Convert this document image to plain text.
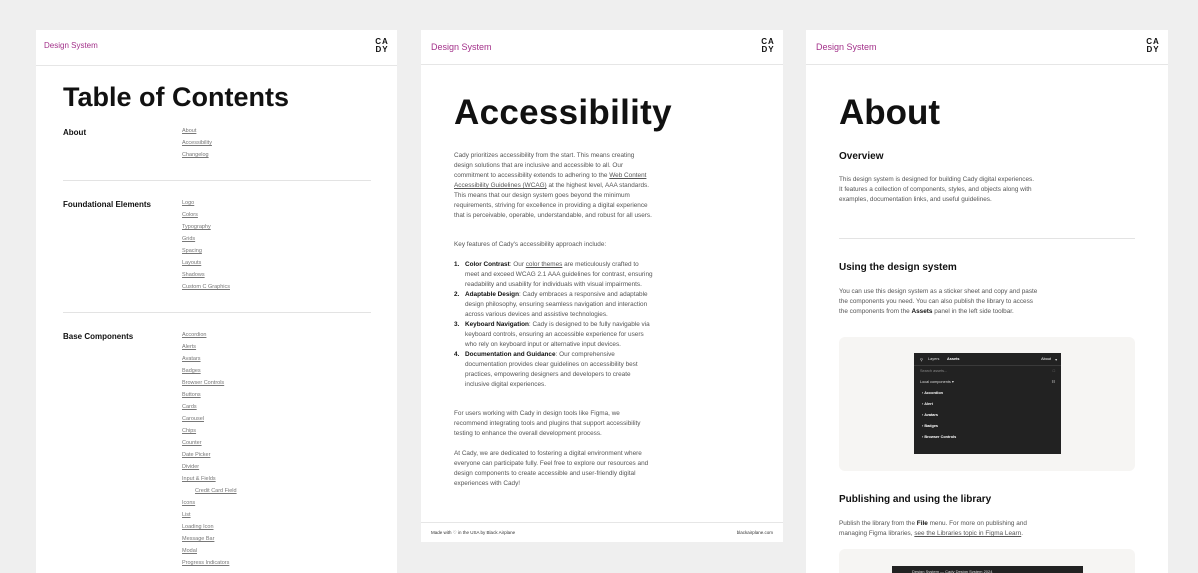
Design System	CA
DY
Table of Contents
About	About
Accessibility
Changelog
Foundational Elements	Logo
Colors
Typography
Grids
Spacing
Layouts
Shadows
Custom C Graphics
Base Components	Accordion
Alerts
Avatars
Badges
Browser Controls
Buttons
Cards
Carousel
Chips
Counter
Date Picker
Divider
Input & Fields
Credit Card Field
Icons
List
Loading Icon
Message Bar
Modal
Progress Indicators
Design System
CA
DY
Accessibility

Cady prioritizes accessibility from the start. This means creating design solutions that are inclusive and accessible to all. Our commitment to accessibility extends to adhering to the Web Content Accessibility Guidelines (WCAG) at the highest level, AAA standards. This means that our design system goes beyond the minimum requirements, striving for excellence in providing a digital experience that is perceivable, operable, understandable, and robust for all users.

Key features of Cady's accessibility approach include:

1. Color Contrast: Our color themes are meticulously crafted to meet and exceed WCAG 2.1 AAA guidelines for contrast, ensuring readability and usability for individuals with visual impairments.
2. Adaptable Design: Cady embraces a responsive and adaptable design philosophy, ensuring seamless navigation and interaction across various devices and assistive technologies.
3. Keyboard Navigation: Cady is designed to be fully navigable via keyboard controls, ensuring an accessible experience for users who rely on keyboard input or alternative input devices.
4. Documentation and Guidance: Our comprehensive documentation provides clear guidelines on accessibility best practices, empowering designers and developers to create inclusive digital experiences.

For users working with Cady in design tools like Figma, we recommend integrating tools and plugins that support accessibility testing to enhance the overall development process.

At Cady, we are dedicated to fostering a digital environment where everyone can participate fully. Feel free to explore our resources and design components to create accessible and user-friendly digital experiences with Cady!

Made with ♡ in the USA by Black Airplane	blackairplane.com
Design System
CA
DY
About
Overview

This design system is designed for building Cady digital experiences. It features a collection of components, styles, and objects along with examples, documentation links, and useful guidelines.

Using the design system

You can use this design system as a sticker sheet and copy and paste the components you need. You can also publish the library to access the components from the Assets panel in the left side toolbar.

⚲ Layers Assets	About ▾
Search assets...	□
Local components ▾	☷
› Accordion
› Alert
› Avatars
› Badges
› Browser Controls
Publishing and using the library

Publish the library from the File menu. For more on publishing and managing Figma libraries, see the Libraries topic in Figma Learn.

Design System — Cady Design System 2024
